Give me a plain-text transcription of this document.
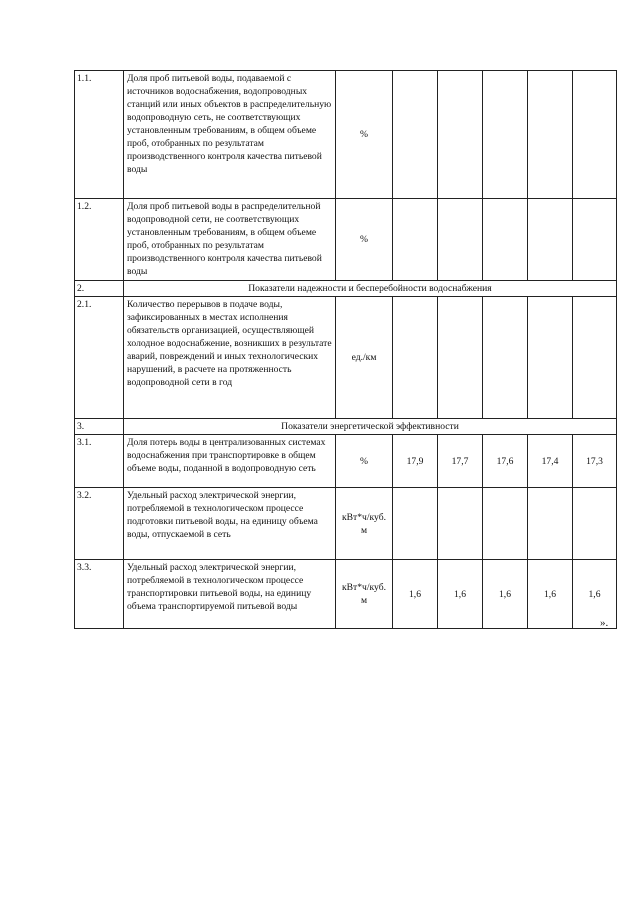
1.1.	Доля проб питьевой воды, подаваемой с источников водоснабжения, водопроводных станций или иных объектов в распределительную водопроводную сеть, не соответствующих установленным требованиям, в общем объеме проб, отобранных по результатам производственного контроля качества питьевой воды	%					
1.2.	Доля проб питьевой воды в распределительной водопроводной сети, не соответствующих установленным требованиям, в общем объеме проб, отобранных по результатам производственного контроля качества питьевой воды	%					
2.	Показатели надежности и бесперебойности водоснабжения						
2.1.	Количество перерывов в подаче воды, зафиксированных в местах исполнения обязательств организацией, осуществляющей холодное водоснабжение, возникших в результате аварий, повреждений и иных технологических нарушений, в расчете на протяженность водопроводной сети в год	ед./км					
3.	Показатели энергетической эффективности						
3.1.	Доля потерь воды в централизованных системах водоснабжения при транспортировке в общем объеме воды, поданной в водопроводную сеть	%	17,9	17,7	17,6	17,4	17,3
3.2.	Удельный расход электрической энергии, потребляемой в технологическом процессе подготовки питьевой воды, на единицу объема воды, отпускаемой в сеть	кВт*ч/куб. м					
3.3.	Удельный расход электрической энергии, потребляемой в технологическом процессе транспортировки питьевой воды, на единицу объема транспортируемой питьевой воды	кВт*ч/куб. м	1,6	1,6	1,6	1,6	1,6
».
